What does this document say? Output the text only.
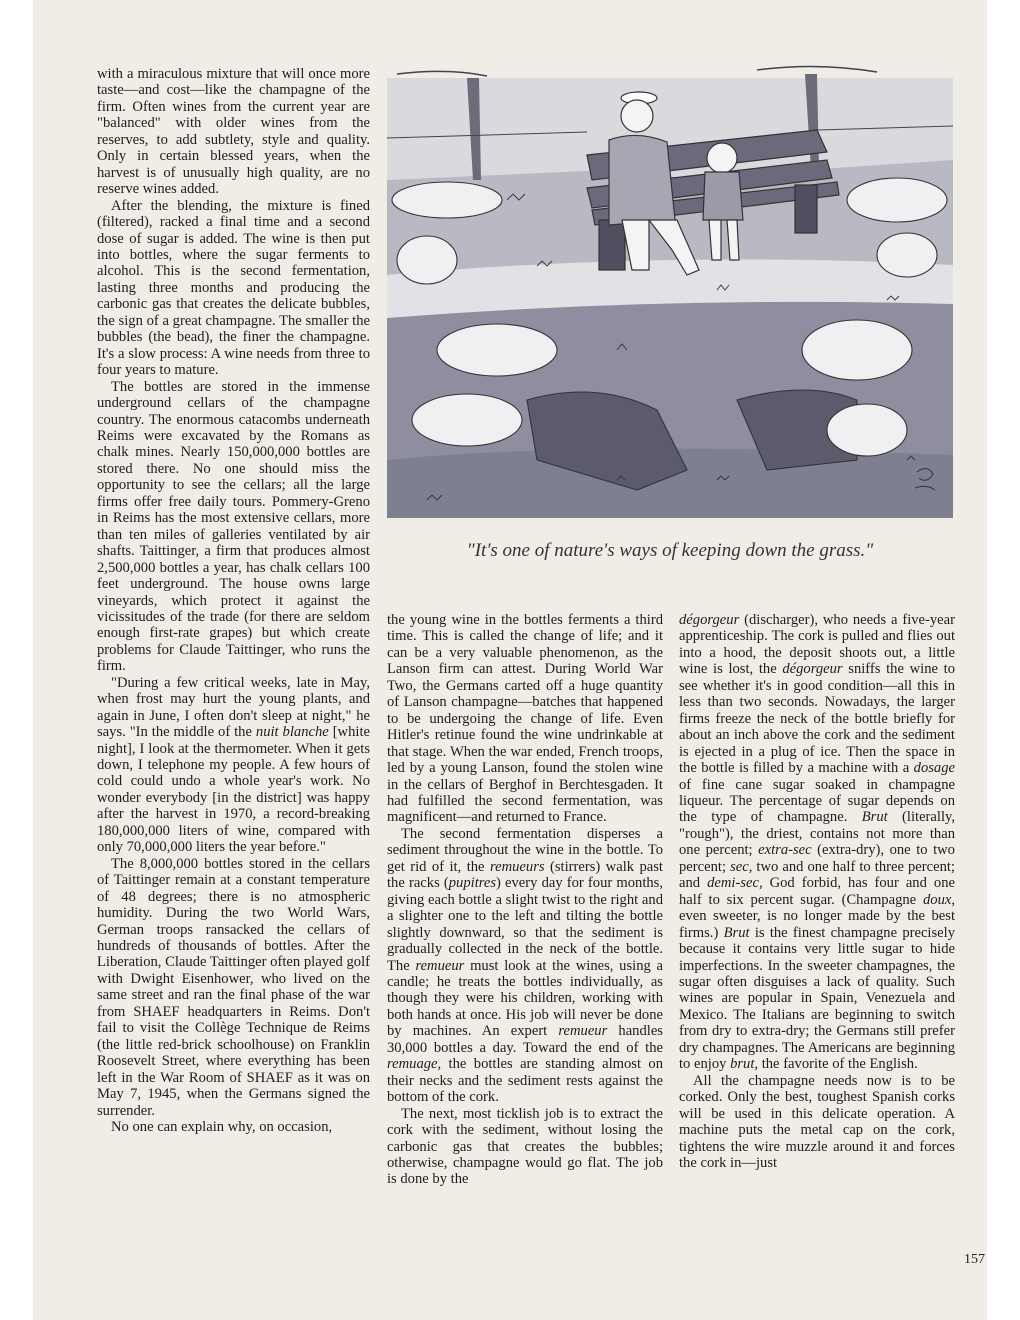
with a miraculous mixture that will once more taste—and cost—like the champagne of the firm. Often wines from the current year are "balanced" with older wines from the reserves, to add subtlety, style and quality. Only in certain blessed years, when the harvest is of unusually high quality, are no reserve wines added.

After the blending, the mixture is fined (filtered), racked a final time and a second dose of sugar is added. The wine is then put into bottles, where the sugar ferments to alcohol. This is the second fermentation, lasting three months and producing the carbonic gas that creates the delicate bubbles, the sign of a great champagne. The smaller the bubbles (the bead), the finer the champagne. It's a slow process: A wine needs from three to four years to mature.

The bottles are stored in the immense underground cellars of the champagne country. The enormous catacombs underneath Reims were excavated by the Romans as chalk mines. Nearly 150,000,000 bottles are stored there. No one should miss the opportunity to see the cellars; all the large firms offer free daily tours. Pommery-Greno in Reims has the most extensive cellars, more than ten miles of galleries ventilated by air shafts. Taittinger, a firm that produces almost 2,500,000 bottles a year, has chalk cellars 100 feet underground. The house owns large vineyards, which protect it against the vicissitudes of the trade (for there are seldom enough first-rate grapes) but which create problems for Claude Taittinger, who runs the firm.

"During a few critical weeks, late in May, when frost may hurt the young plants, and again in June, I often don't sleep at night," he says. "In the middle of the nuit blanche [white night], I look at the thermometer. When it gets down, I telephone my people. A few hours of cold could undo a whole year's work. No wonder everybody [in the district] was happy after the harvest in 1970, a record-breaking 180,000,000 liters of wine, compared with only 70,000,000 liters the year before."

The 8,000,000 bottles stored in the cellars of Taittinger remain at a constant temperature of 48 degrees; there is no atmospheric humidity. During the two World Wars, German troops ransacked the cellars of hundreds of thousands of bottles. After the Liberation, Claude Taittinger often played golf with Dwight Eisenhower, who lived on the same street and ran the final phase of the war from SHAEF headquarters in Reims. Don't fail to visit the Collège Technique de Reims (the little red-brick schoolhouse) on Franklin Roosevelt Street, where everything has been left in the War Room of SHAEF as it was on May 7, 1945, when the Germans signed the surrender.

No one can explain why, on occasion,

"It's one of nature's ways of keeping down the grass."

the young wine in the bottles ferments a third time. This is called the change of life; and it can be a very valuable phenomenon, as the Lanson firm can attest. During World War Two, the Germans carted off a huge quantity of Lanson champagne—batches that happened to be undergoing the change of life. Even Hitler's retinue found the wine undrinkable at that stage. When the war ended, French troops, led by a young Lanson, found the stolen wine in the cellars of Berghof in Berchtesgaden. It had fulfilled the second fermentation, was magnificent—and returned to France.

The second fermentation disperses a sediment throughout the wine in the bottle. To get rid of it, the remueurs (stirrers) walk past the racks (pupitres) every day for four months, giving each bottle a slight twist to the right and a slighter one to the left and tilting the bottle slightly downward, so that the sediment is gradually collected in the neck of the bottle. The remueur must look at the wines, using a candle; he treats the bottles individually, as though they were his children, working with both hands at once. His job will never be done by machines. An expert remueur handles 30,000 bottles a day. Toward the end of the remuage, the bottles are standing almost on their necks and the sediment rests against the bottom of the cork.

The next, most ticklish job is to extract the cork with the sediment, without losing the carbonic gas that creates the bubbles; otherwise, champagne would go flat. The job is done by the

dégorgeur (discharger), who needs a five-year apprenticeship. The cork is pulled and flies out into a hood, the deposit shoots out, a little wine is lost, the dégorgeur sniffs the wine to see whether it's in good condition—all this in less than two seconds. Nowadays, the larger firms freeze the neck of the bottle briefly for about an inch above the cork and the sediment is ejected in a plug of ice. Then the space in the bottle is filled by a machine with a dosage of fine cane sugar soaked in champagne liqueur. The percentage of sugar depends on the type of champagne. Brut (literally, "rough"), the driest, contains not more than one percent; extra-sec (extra-dry), one to two percent; sec, two and one half to three percent; and demi-sec, God forbid, has four and one half to six percent sugar. (Champagne doux, even sweeter, is no longer made by the best firms.) Brut is the finest champagne precisely because it contains very little sugar to hide imperfections. In the sweeter champagnes, the sugar often disguises a lack of quality. Such wines are popular in Spain, Venezuela and Mexico. The Italians are beginning to switch from dry to extra-dry; the Germans still prefer dry champagnes. The Americans are beginning to enjoy brut, the favorite of the English.

All the champagne needs now is to be corked. Only the best, toughest Spanish corks will be used in this delicate operation. A machine puts the metal cap on the cork, tightens the wire muzzle around it and forces the cork in—just

157
